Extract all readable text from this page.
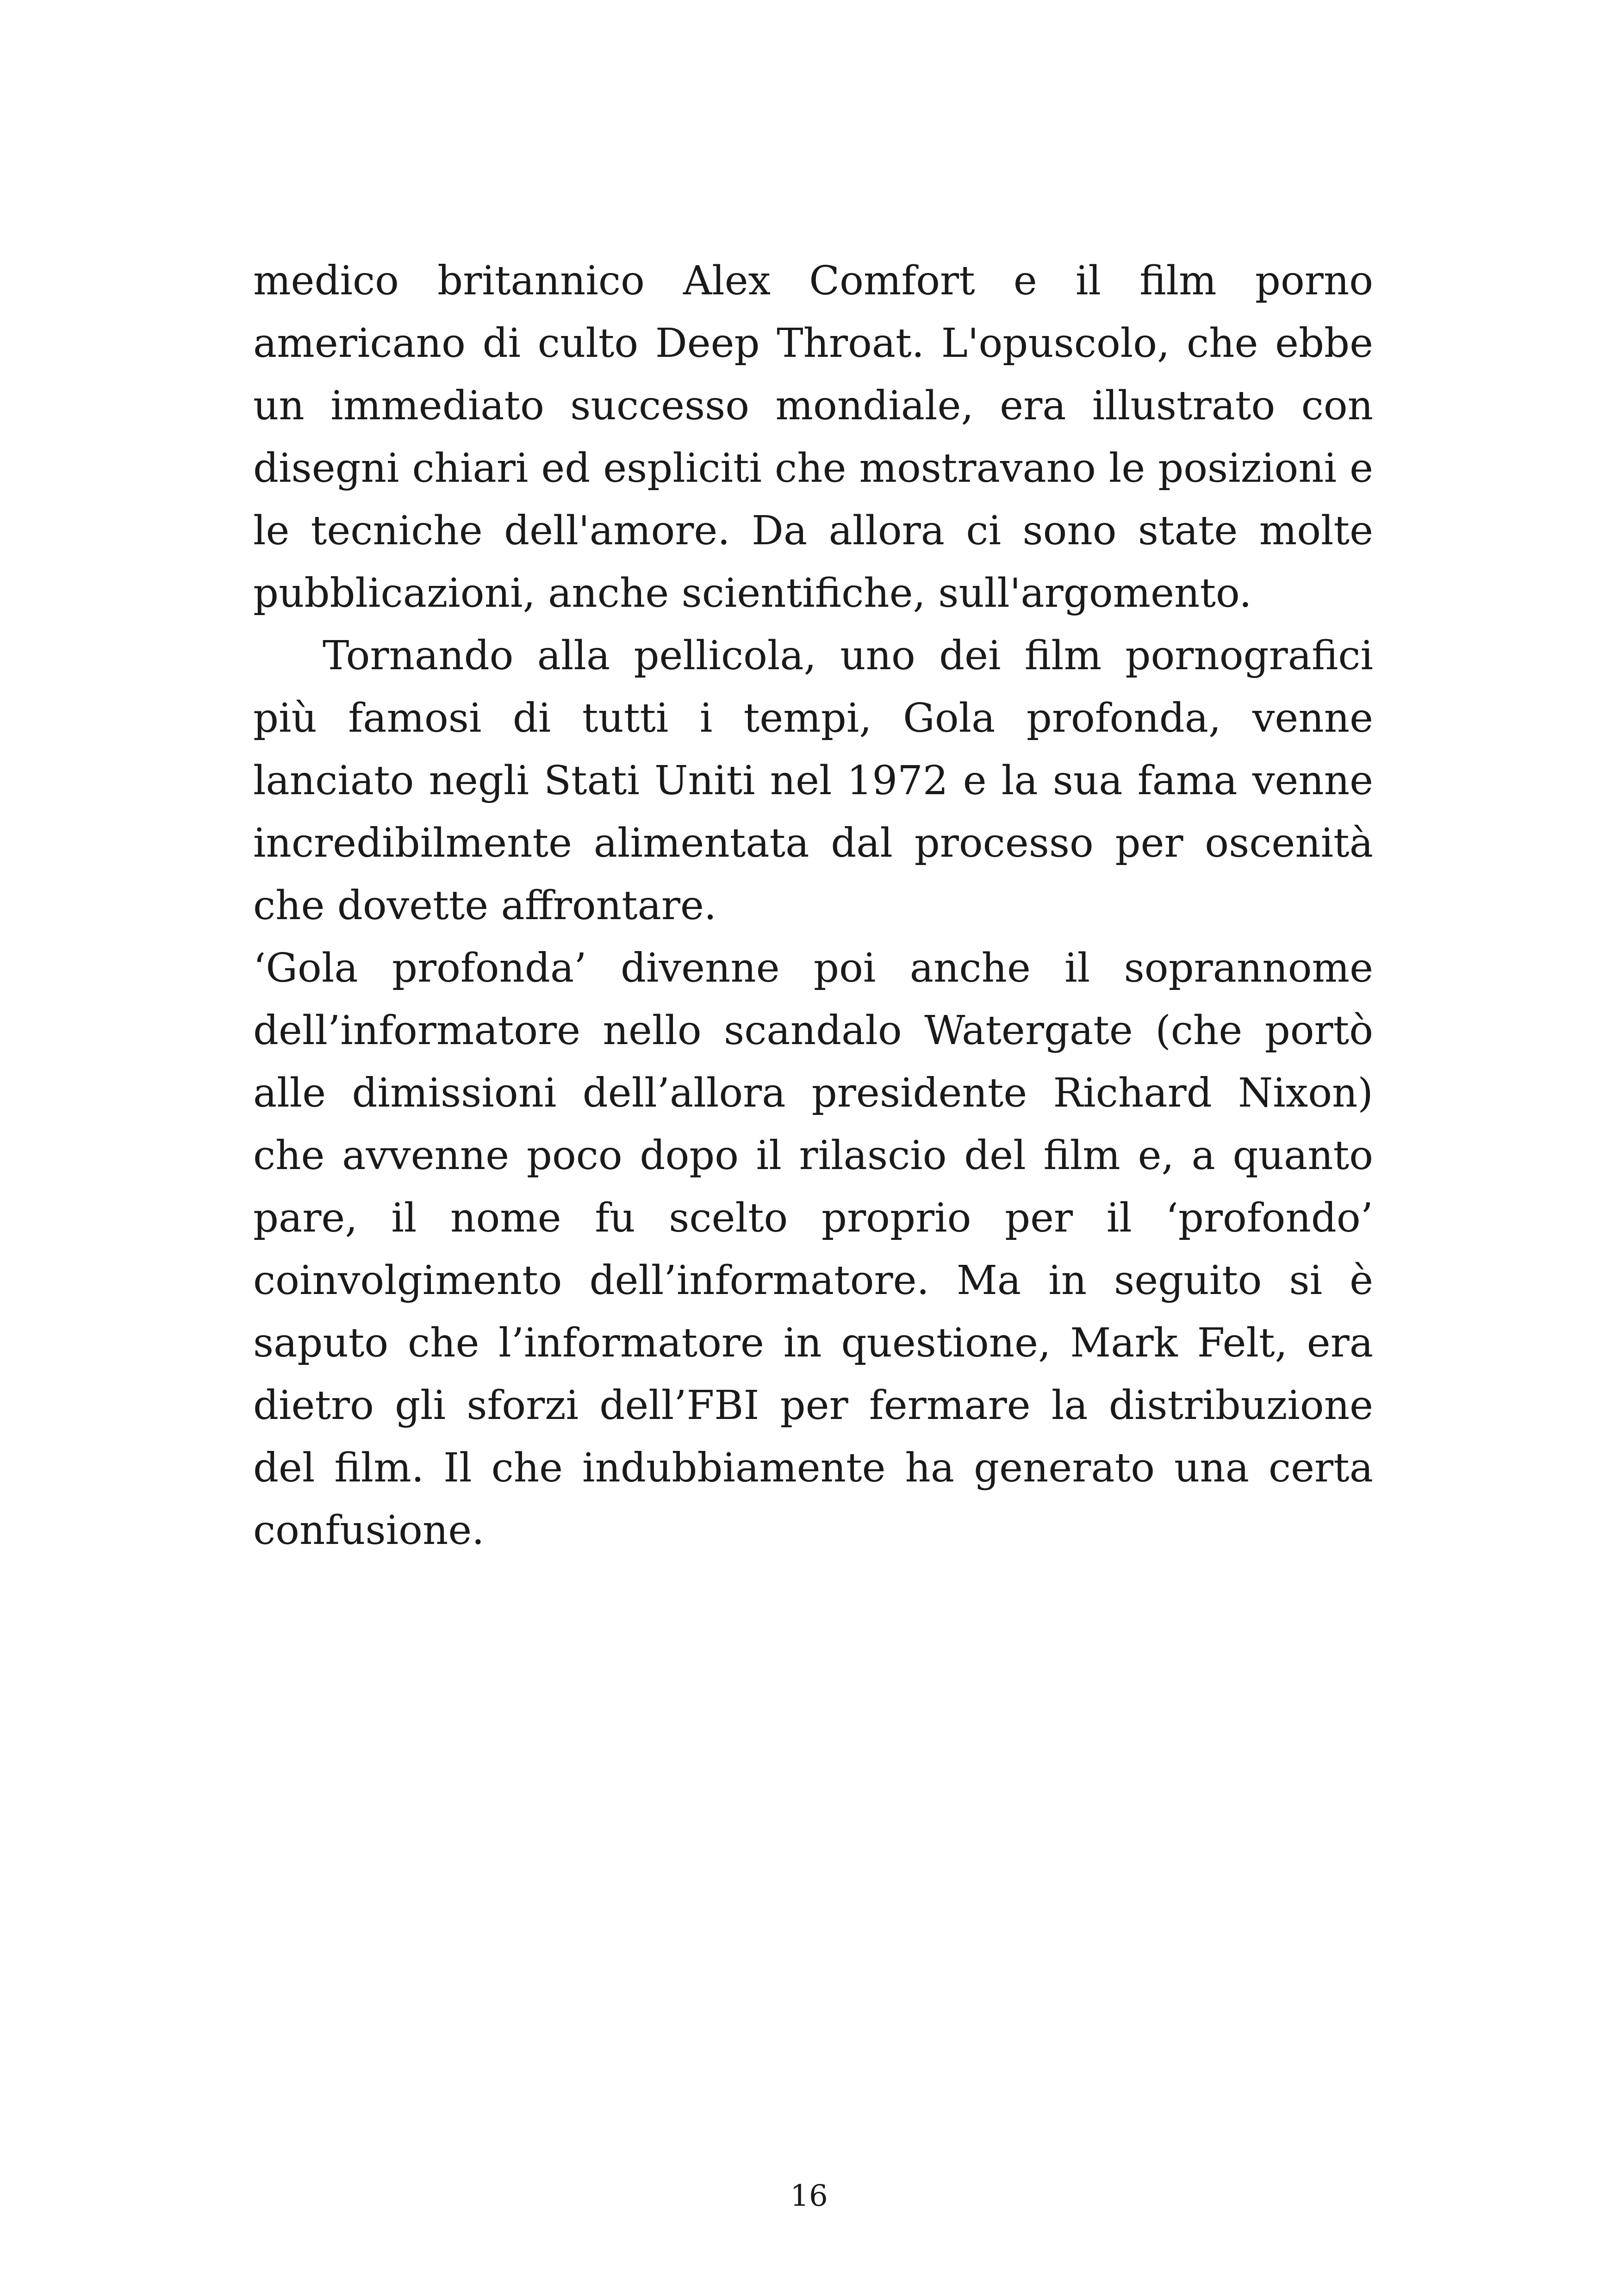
medico britannico Alex Comfort e il film porno americano di culto Deep Throat. L'opuscolo, che ebbe un immediato successo mondiale, era illustrato con disegni chiari ed espliciti che mostravano le posizioni e le tecniche dell'amore. Da allora ci sono state molte pubblicazioni, anche scientifiche, sull'argomento.

Tornando alla pellicola, uno dei film pornografici più famosi di tutti i tempi, Gola profonda, venne lanciato negli Stati Uniti nel 1972 e la sua fama venne incredibilmente alimentata dal processo per oscenità che dovette affrontare.

‘Gola profonda’ divenne poi anche il soprannome dell’informatore nello scandalo Watergate (che portò alle dimissioni dell’allora presidente Richard Nixon) che avvenne poco dopo il rilascio del film e, a quanto pare, il nome fu scelto proprio per il ‘profondo’ coinvolgimento dell’informatore. Ma in seguito si è saputo che l’informatore in questione, Mark Felt, era dietro gli sforzi dell’FBI per fermare la distribuzione del film. Il che indubbiamente ha generato una certa confusione.

16
